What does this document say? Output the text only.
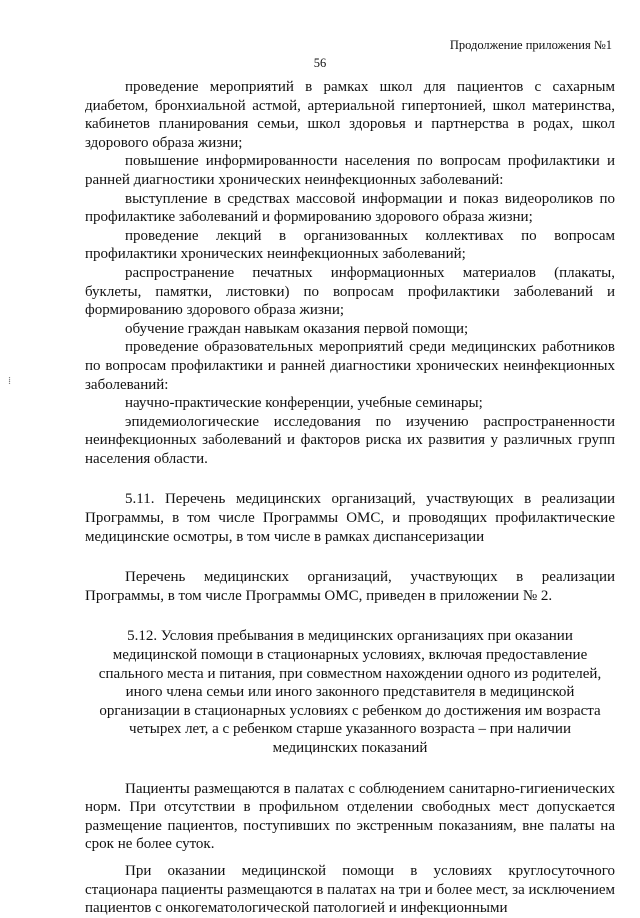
Продолжение приложения №1
56
⁞

проведение мероприятий в рамках школ для пациентов с сахарным диабетом, бронхиальной астмой, артериальной гипертонией, школ материнства, кабинетов планирования семьи, школ здоровья и партнерства в родах, школ здорового образа жизни;

повышение информированности населения по вопросам профилактики и ранней диагностики хронических неинфекционных заболеваний:

выступление в средствах массовой информации и показ видеороликов по профилактике заболеваний и формированию здорового образа жизни;

проведение лекций в организованных коллективах по вопросам профилактики хронических неинфекционных заболеваний;

распространение печатных информационных материалов (плакаты, буклеты, памятки, листовки) по вопросам профилактики заболеваний и формированию здорового образа жизни;

обучение граждан навыкам оказания первой помощи;

проведение образовательных мероприятий среди медицинских работников по вопросам профилактики и ранней диагностики хронических неинфекционных заболеваний:

научно-практические конференции, учебные семинары;

эпидемиологические исследования по изучению распространенности неинфекционных заболеваний и факторов риска их развития у различных групп населения области.

5.11. Перечень медицинских организаций, участвующих в реализации Программы, в том числе Программы ОМС, и проводящих профилактические медицинские осмотры, в том числе в рамках диспансеризации

Перечень медицинских организаций, участвующих в реализации Программы, в том числе Программы ОМС, приведен в приложении № 2.

5.12. Условия пребывания в медицинских организациях при оказании медицинской помощи в стационарных условиях, включая предоставление спального места и питания, при совместном нахождении одного из родителей, иного члена семьи или иного законного представителя в медицинской организации в стационарных условиях с ребенком до достижения им возраста четырех лет, а с ребенком старше указанного возраста – при наличии медицинских показаний

Пациенты размещаются в палатах с соблюдением санитарно-гигиенических норм. При отсутствии в профильном отделении свободных мест допускается размещение пациентов, поступивших по экстренным показаниям, вне палаты на срок не более суток.

При оказании медицинской помощи в условиях круглосуточного стационара пациенты размещаются в палатах на три и более мест, за исключением пациентов с онкогематологической патологией и инфекционными
